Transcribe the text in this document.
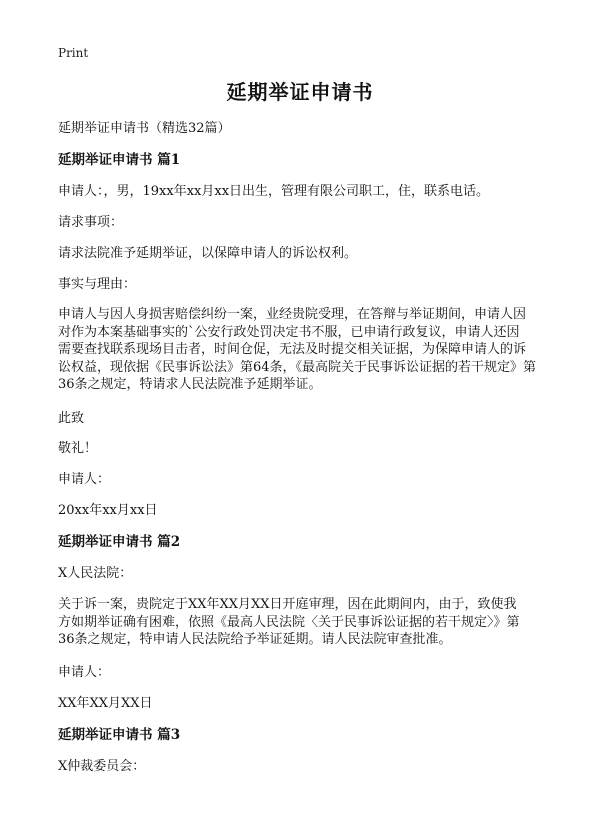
Print
延期举证申请书
延期举证申请书（精选32篇）
延期举证申请书 篇1
申请人：，男，19xx年xx月xx日出生，管理有限公司职工，住，联系电话。
请求事项：
请求法院准予延期举证，以保障申请人的诉讼权利。
事实与理由：
申请人与因人身损害赔偿纠纷一案，业经贵院受理，在答辩与举证期间，申请人因
对作为本案基础事实的`公安行政处罚决定书不服，已申请行政复议，申请人还因
需要查找联系现场目击者，时间仓促，无法及时提交相关证据，为保障申请人的诉
讼权益，现依据《民事诉讼法》第64条，《最高院关于民事诉讼证据的若干规定》第
36条之规定，特请求人民法院准予延期举证。
此致
敬礼！
申请人：
20xx年xx月xx日
延期举证申请书 篇2
X人民法院：
关于诉一案，贵院定于XX年XX月XX日开庭审理，因在此期间内，由于，致使我
方如期举证确有困难，依照《最高人民法院〈关于民事诉讼证据的若干规定〉》第
36条之规定，特申请人民法院给予举证延期。请人民法院审查批准。
申请人：
XX年XX月XX日
延期举证申请书 篇3
X仲裁委员会：
